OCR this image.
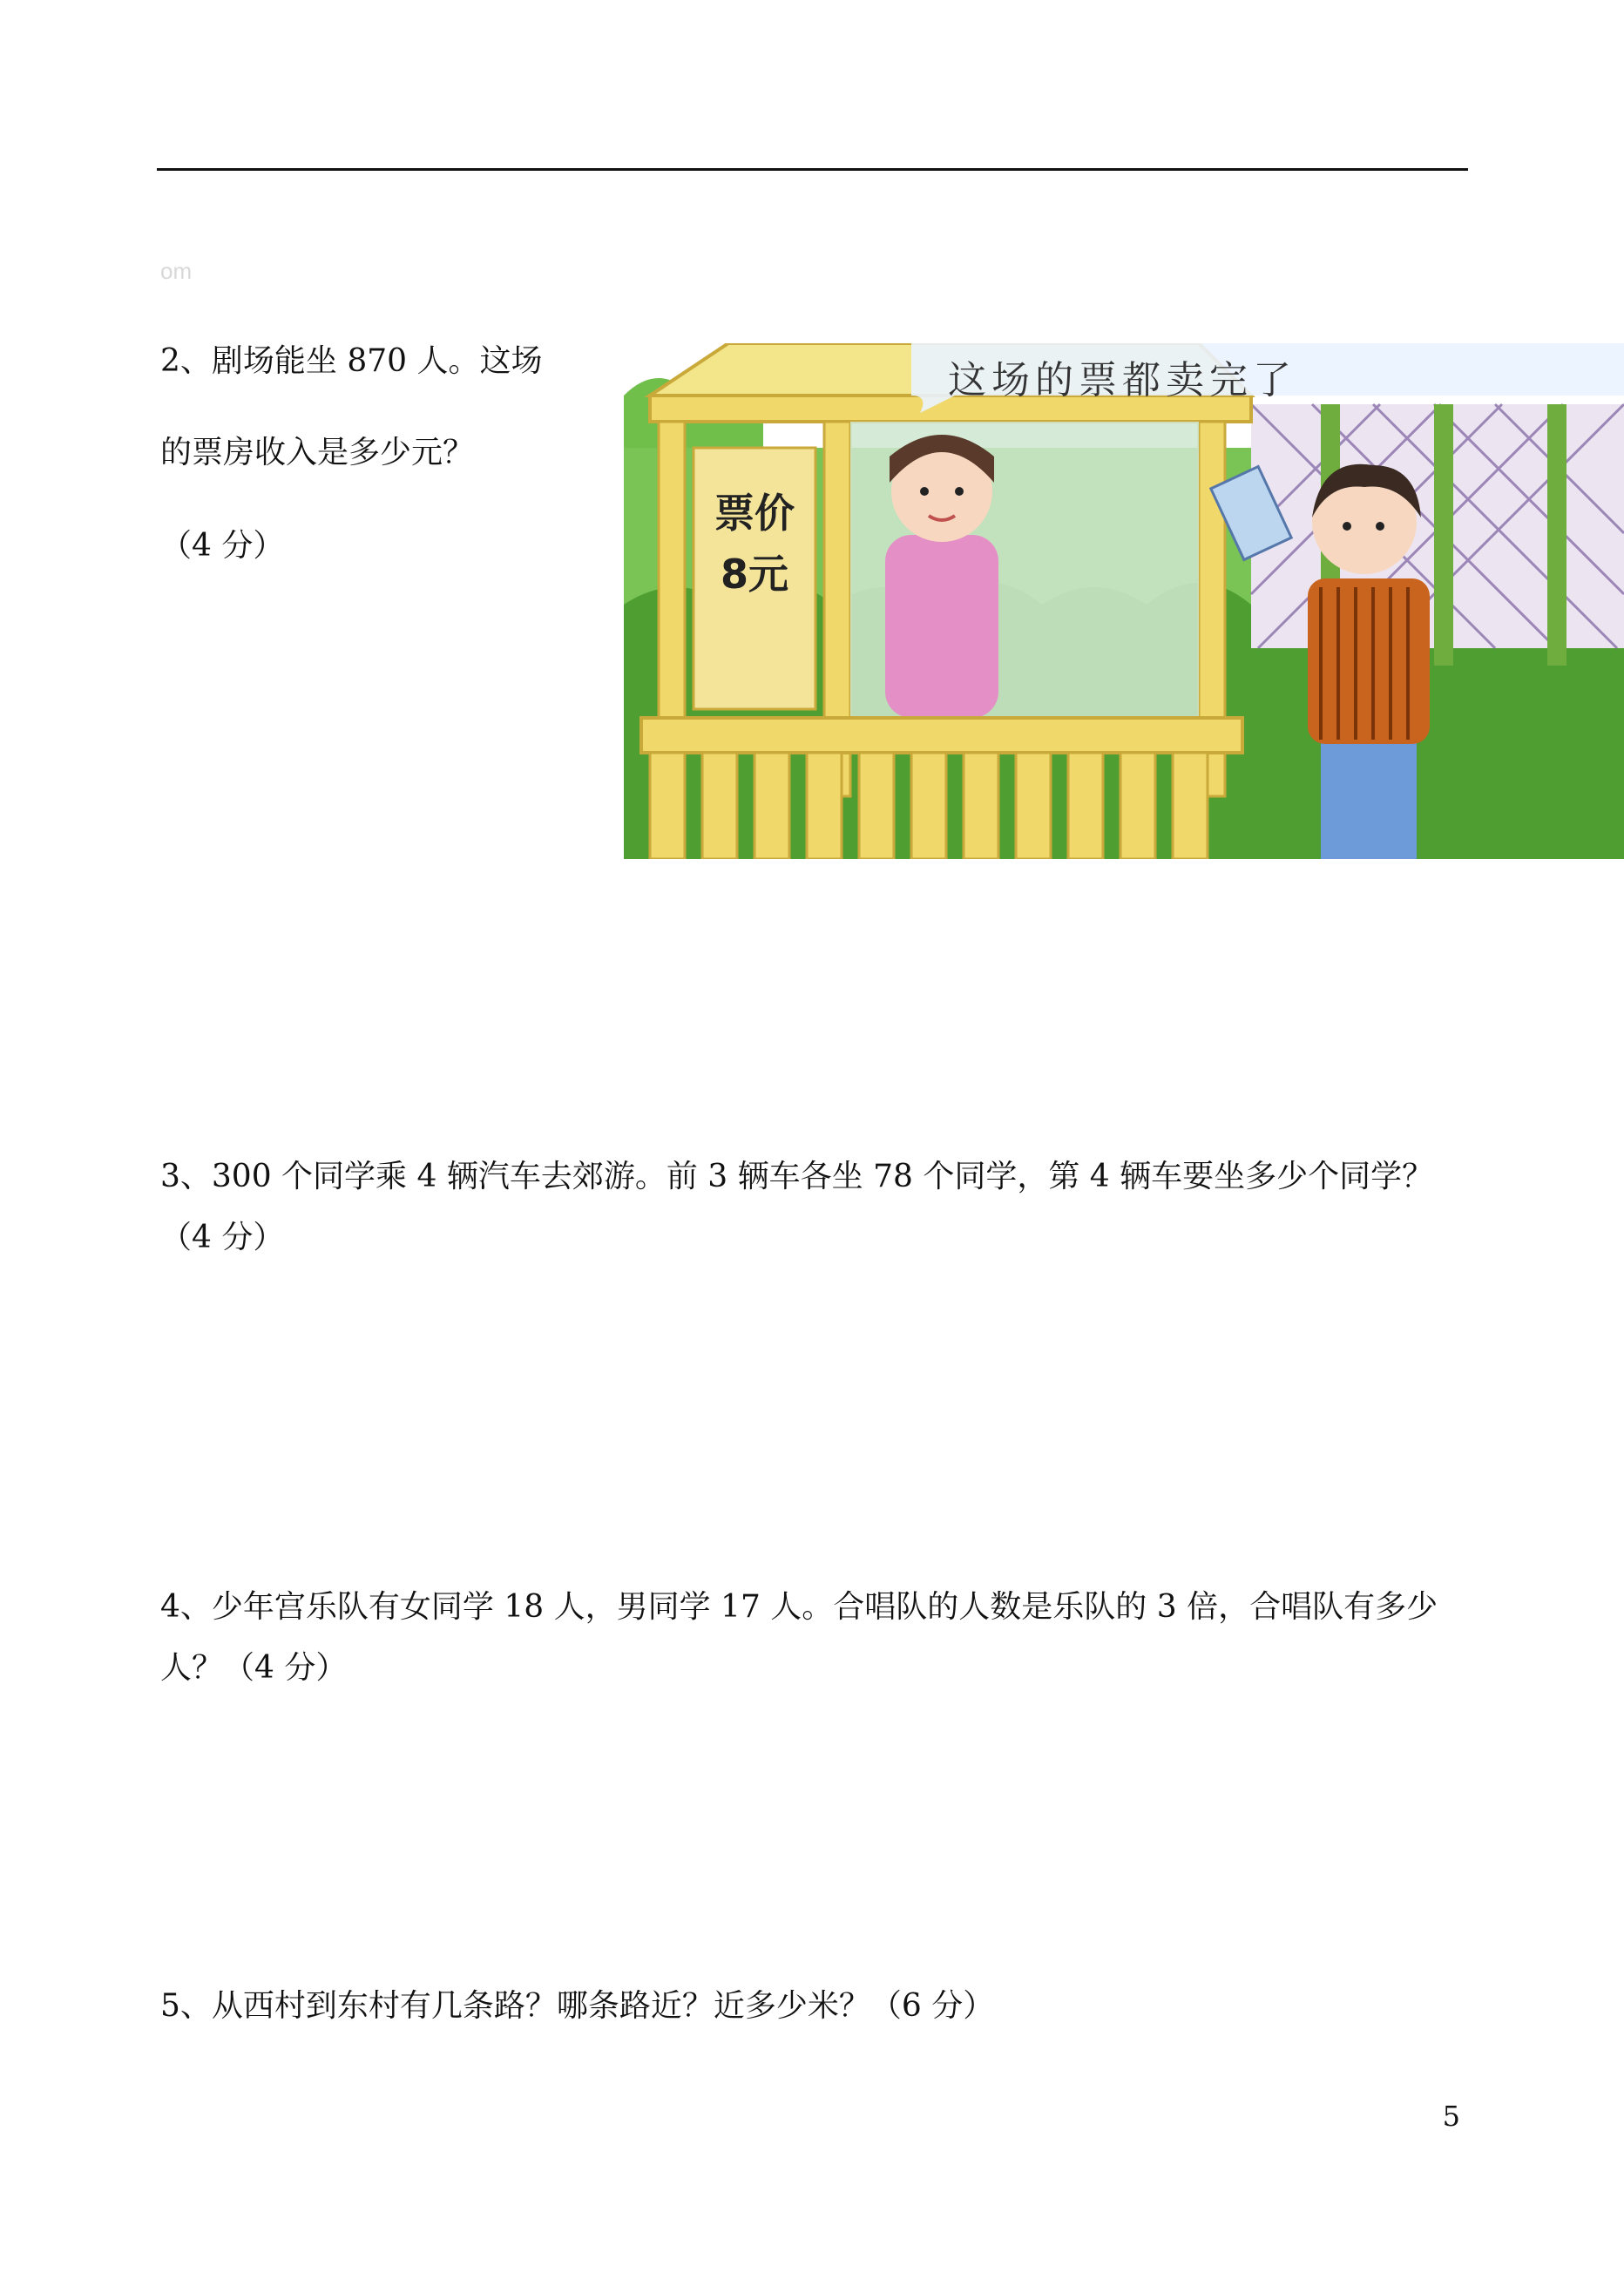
om
2、剧场能坐 870 人。这场
的票房收入是多少元？
（4 分）
票价
8元
这场的票都卖完了
3、300 个同学乘 4 辆汽车去郊游。前 3 辆车各坐 78 个同学，第 4 辆车要坐多少个同学？
（4 分）
4、少年宫乐队有女同学 18 人，男同学 17 人。合唱队的人数是乐队的 3 倍，合唱队有多少
人？（4 分）
5、从西村到东村有几条路？哪条路近？近多少米？（6 分）
5
